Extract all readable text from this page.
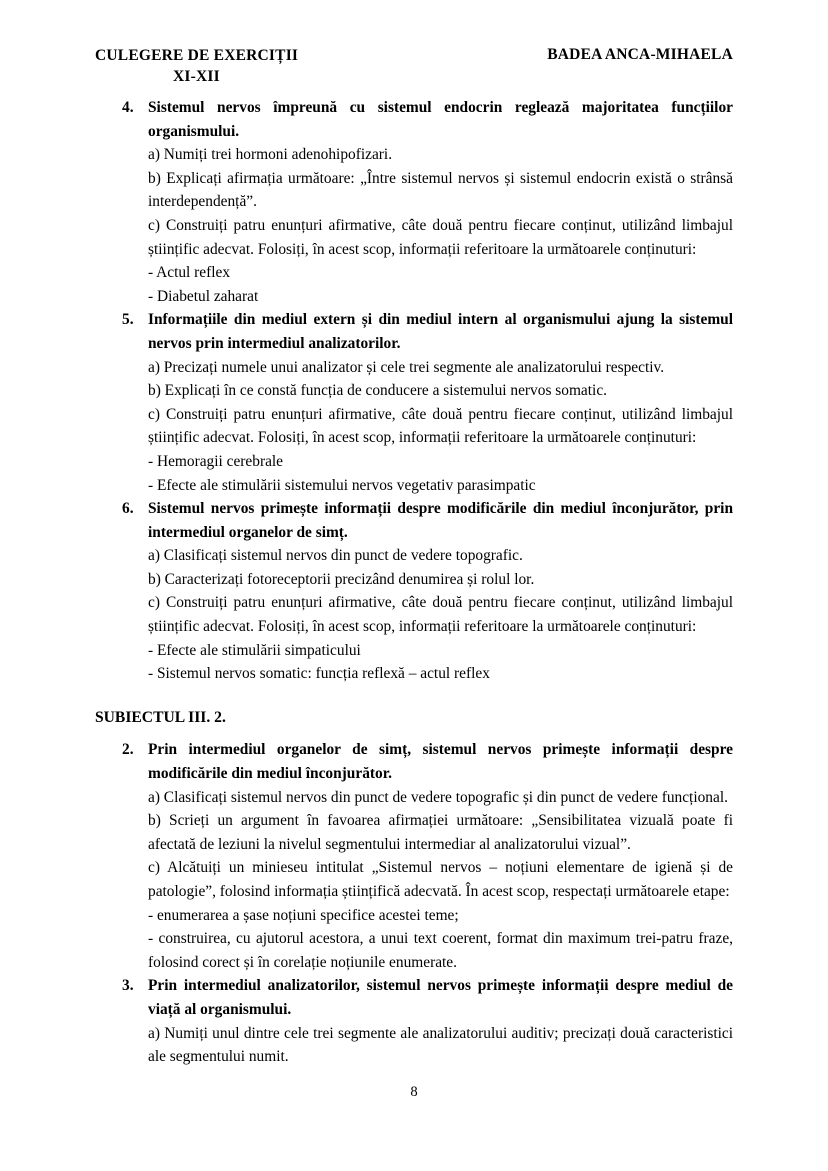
CULEGERE DE EXERCIȚII
XI-XII
BADEA ANCA-MIHAELA
4. Sistemul nervos împreună cu sistemul endocrin reglează majoritatea funcțiilor organismului.
a) Numiți trei hormoni adenohipofizari.
b) Explicați afirmația următoare: „Între sistemul nervos și sistemul endocrin există o strânsă interdependență”.
c) Construiți patru enunțuri afirmative, câte două pentru fiecare conținut, utilizând limbajul științific adecvat. Folosiți, în acest scop, informații referitoare la următoarele conținuturi:
- Actul reflex
- Diabetul zaharat
5. Informațiile din mediul extern și din mediul intern al organismului ajung la sistemul nervos prin intermediul analizatorilor.
a) Precizați numele unui analizator și cele trei segmente ale analizatorului respectiv.
b) Explicați în ce constă funcția de conducere a sistemului nervos somatic.
c) Construiți patru enunțuri afirmative, câte două pentru fiecare conținut, utilizând limbajul științific adecvat. Folosiți, în acest scop, informații referitoare la următoarele conținuturi:
- Hemoragii cerebrale
- Efecte ale stimulării sistemului nervos vegetativ parasimpatic
6. Sistemul nervos primește informații despre modificările din mediul înconjurător, prin intermediul organelor de simț.
a) Clasificați sistemul nervos din punct de vedere topografic.
b) Caracterizați fotoreceptorii precizând denumirea și rolul lor.
c) Construiți patru enunțuri afirmative, câte două pentru fiecare conținut, utilizând limbajul științific adecvat. Folosiți, în acest scop, informații referitoare la următoarele conținuturi:
- Efecte ale stimulării simpaticului
- Sistemul nervos somatic: funcția reflexă – actul reflex
SUBIECTUL III. 2.
2. Prin intermediul organelor de simț, sistemul nervos primește informații despre modificările din mediul înconjurător.
a) Clasificați sistemul nervos din punct de vedere topografic și din punct de vedere funcțional.
b) Scrieți un argument în favoarea afirmației următoare: „Sensibilitatea vizuală poate fi afectată de leziuni la nivelul segmentului intermediar al analizatorului vizual”.
c) Alcătuiți un minieseu intitulat „Sistemul nervos – noțiuni elementare de igienă și de patologie”, folosind informația științifică adecvată. În acest scop, respectați următoarele etape:
- enumerarea a șase noțiuni specifice acestei teme;
- construirea, cu ajutorul acestora, a unui text coerent, format din maximum trei-patru fraze, folosind corect și în corelație noțiunile enumerate.
3. Prin intermediul analizatorilor, sistemul nervos primește informații despre mediul de viață al organismului.
a) Numiți unul dintre cele trei segmente ale analizatorului auditiv; precizați două caracteristici ale segmentului numit.
8
